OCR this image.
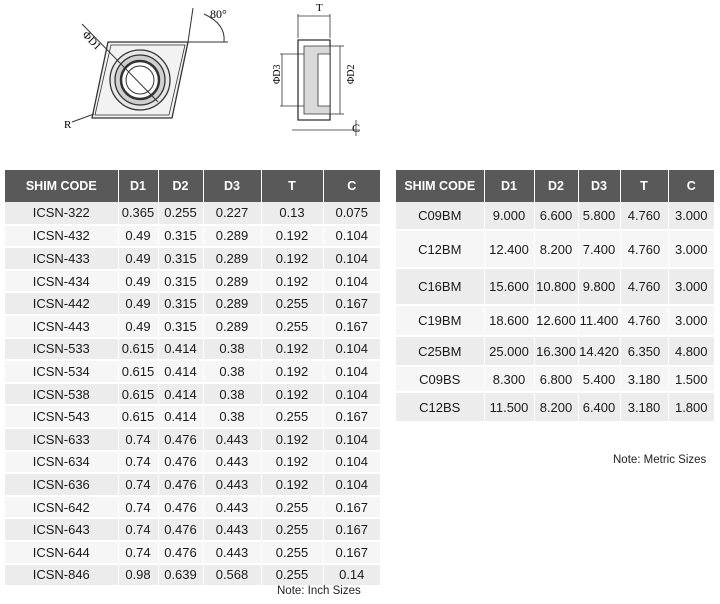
ΦD1
80°
R
T
ΦD3	ΦD2
C
SHIM CODE	D1	D2	D3	T	C
ICSN-322	0.365	0.255	0.227	0.13	0.075
ICSN-432	0.49	0.315	0.289	0.192	0.104
ICSN-433	0.49	0.315	0.289	0.192	0.104
ICSN-434	0.49	0.315	0.289	0.192	0.104
ICSN-442	0.49	0.315	0.289	0.255	0.167
ICSN-443	0.49	0.315	0.289	0.255	0.167
ICSN-533	0.615	0.414	0.38	0.192	0.104
ICSN-534	0.615	0.414	0.38	0.192	0.104
ICSN-538	0.615	0.414	0.38	0.192	0.104
ICSN-543	0.615	0.414	0.38	0.255	0.167
ICSN-633	0.74	0.476	0.443	0.192	0.104
ICSN-634	0.74	0.476	0.443	0.192	0.104
ICSN-636	0.74	0.476	0.443	0.192	0.104
ICSN-642	0.74	0.476	0.443	0.255	0.167
ICSN-643	0.74	0.476	0.443	0.255	0.167
ICSN-644	0.74	0.476	0.443	0.255	0.167
ICSN-846	0.98	0.639	0.568	0.255	0.14
Note: Inch Sizes
SHIM CODE	D1	D2	D3	T	C
C09BM	9.000	6.600	5.800	4.760	3.000
C12BM	12.400	8.200	7.400	4.760	3.000
C16BM	15.600	10.800	9.800	4.760	3.000
C19BM	18.600	12.600	11.400	4.760	3.000
C25BM	25.000	16.300	14.420	6.350	4.800
C09BS	8.300	6.800	5.400	3.180	1.500
C12BS	11.500	8.200	6.400	3.180	1.800
Note: Metric Sizes
